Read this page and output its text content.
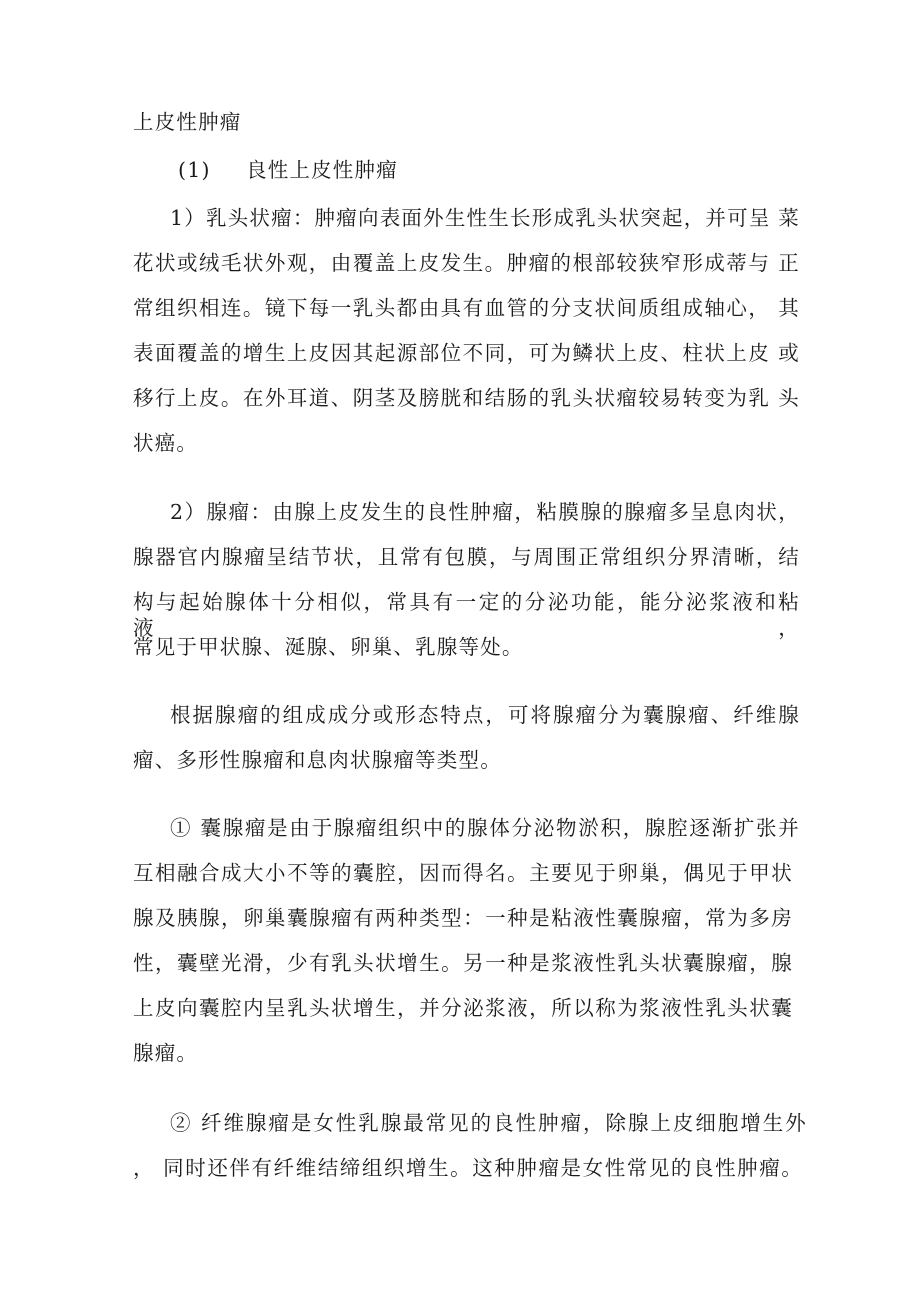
上皮性肿瘤
(1) 良性上皮性肿瘤
1）乳头状瘤：肿瘤向表面外生性生长形成乳头状突起，并可呈 菜
花状或绒毛状外观，由覆盖上皮发生。肿瘤的根部较狭窄形成蒂与 正
常组织相连。镜下每一乳头都由具有血管的分支状间质组成轴心， 其
表面覆盖的增生上皮因其起源部位不同，可为鳞状上皮、柱状上皮 或
移行上皮。在外耳道、阴茎及膀胱和结肠的乳头状瘤较易转变为乳 头
状癌。
2）腺瘤：由腺上皮发生的良性肿瘤，粘膜腺的腺瘤多呈息肉状，
腺器官内腺瘤呈结节状，且常有包膜，与周围正常组织分界清晰，结
构与起始腺体十分相似，常具有一定的分泌功能，能分泌浆液和粘液，
常见于甲状腺、涎腺、卵巢、乳腺等处。
根据腺瘤的组成成分或形态特点，可将腺瘤分为囊腺瘤、纤维腺
瘤、多形性腺瘤和息肉状腺瘤等类型。
① 囊腺瘤是由于腺瘤组织中的腺体分泌物淤积，腺腔逐渐扩张并
互相融合成大小不等的囊腔，因而得名。主要见于卵巢，偶见于甲状
腺及胰腺，卵巢囊腺瘤有两种类型：一种是粘液性囊腺瘤，常为多房
性，囊壁光滑，少有乳头状增生。另一种是浆液性乳头状囊腺瘤，腺
上皮向囊腔内呈乳头状增生，并分泌浆液，所以称为浆液性乳头状囊
腺瘤。
② 纤维腺瘤是女性乳腺最常见的良性肿瘤，除腺上皮细胞增生外
， 同时还伴有纤维结缔组织增生。这种肿瘤是女性常见的良性肿瘤。
